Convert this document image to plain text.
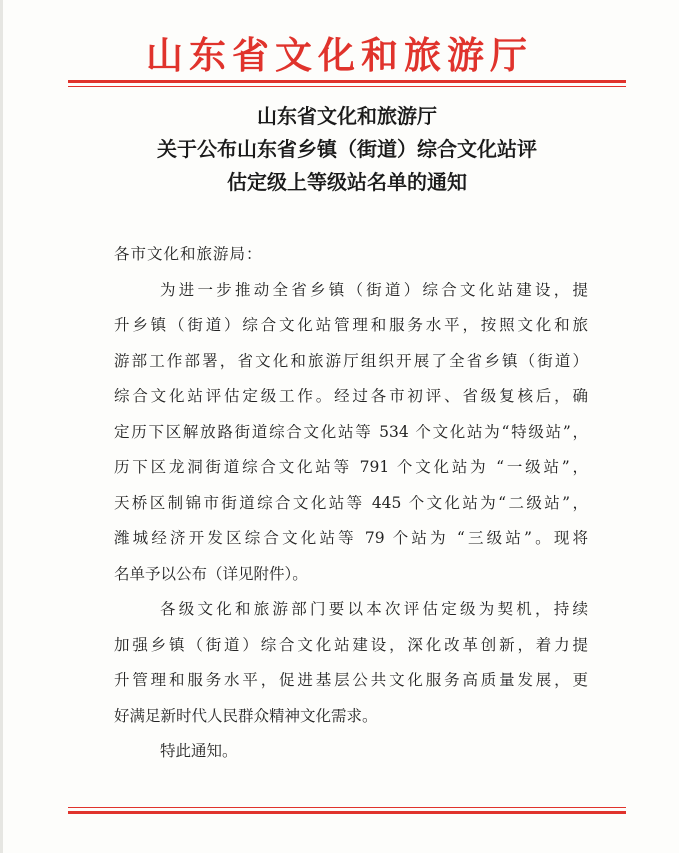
山东省文化和旅游厅
山东省文化和旅游厅
关于公布山东省乡镇（街道）综合文化站评
估定级上等级站名单的通知
各市文化和旅游局：
为进一步推动全省乡镇（街道）综合文化站建设，提
升乡镇（街道）综合文化站管理和服务水平，按照文化和旅
游部工作部署，省文化和旅游厅组织开展了全省乡镇（街道）
综合文化站评估定级工作。经过各市初评、省级复核后，确
定历下区解放路街道综合文化站等 534 个文化站为“特级站”，
历下区龙洞街道综合文化站等 791 个文化站为 “一级站”，
天桥区制锦市街道综合文化站等 445 个文化站为“二级站”，
潍城经济开发区综合文化站等 79 个站为 “三级站”。现将
名单予以公布（详见附件）。
各级文化和旅游部门要以本次评估定级为契机，持续
加强乡镇（街道）综合文化站建设，深化改革创新，着力提
升管理和服务水平，促进基层公共文化服务高质量发展，更
好满足新时代人民群众精神文化需求。
特此通知。
